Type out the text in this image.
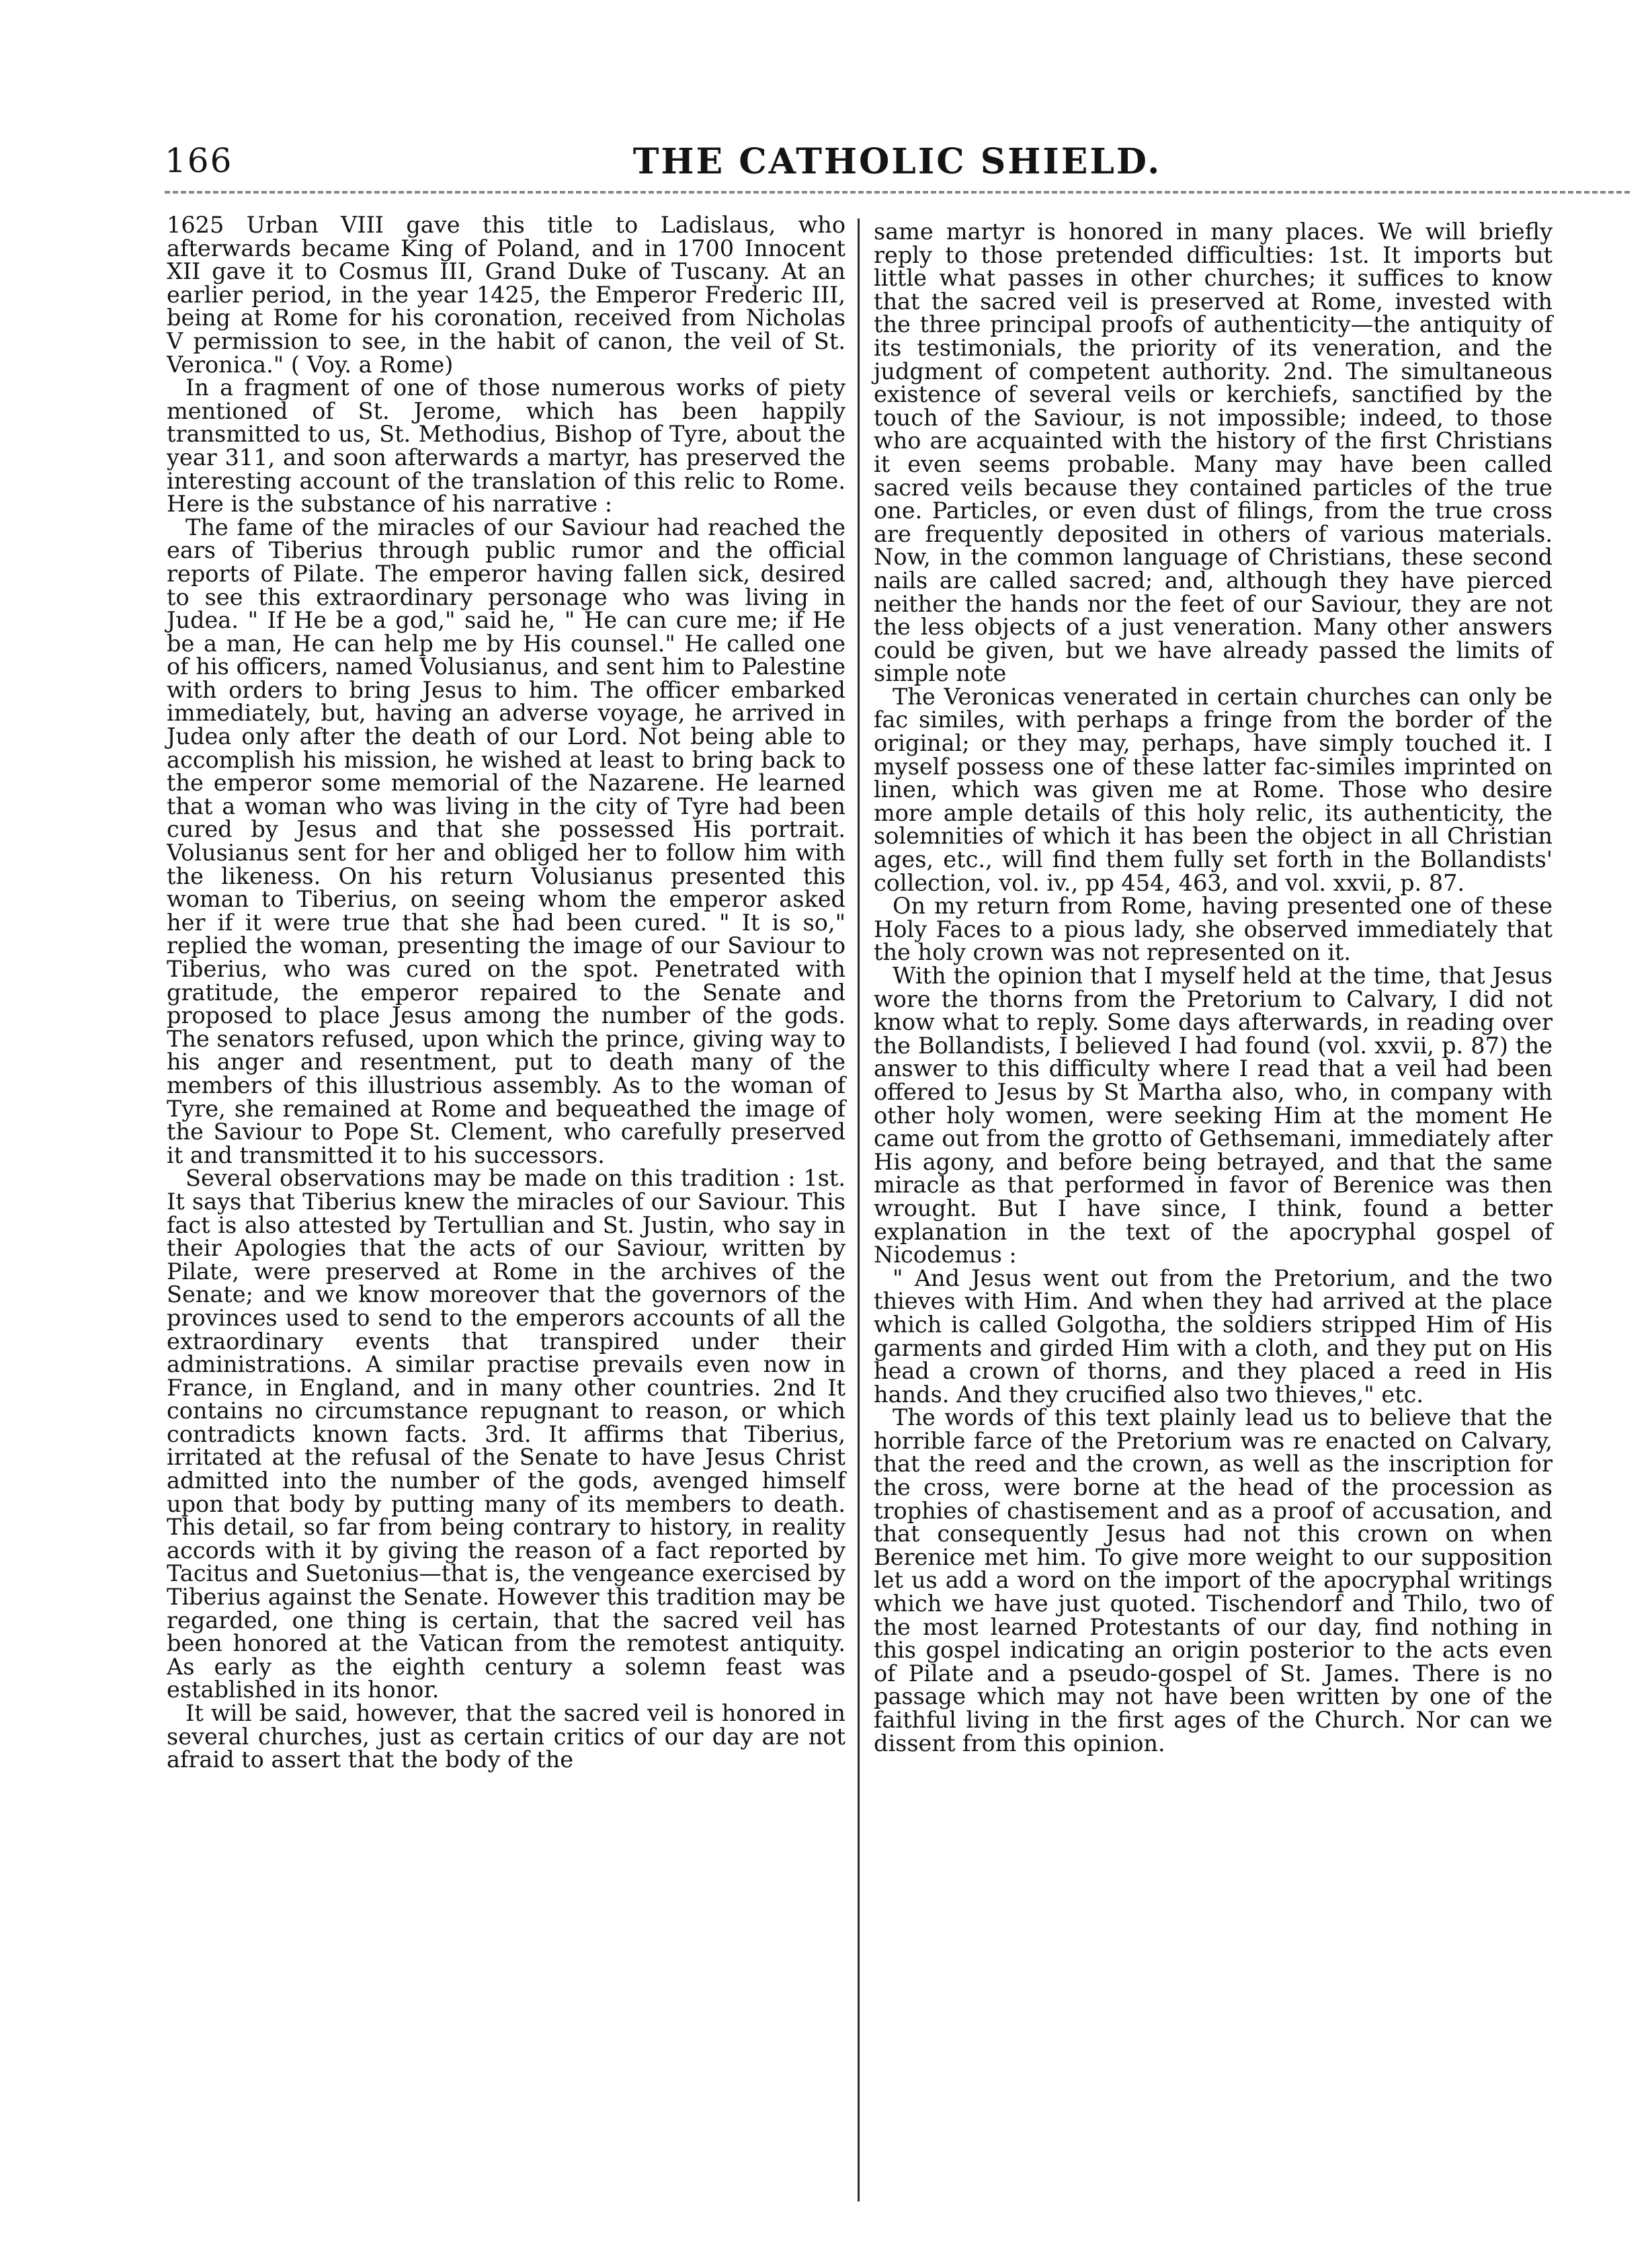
166	THE CATHOLIC SHIELD.

1625 Urban VIII gave this title to Ladislaus, who afterwards became King of Poland, and in 1700 Innocent XII gave it to Cosmus III, Grand Duke of Tuscany. At an earlier period, in the year 1425, the Emperor Frederic III, being at Rome for his coronation, received from Nicholas V permission to see, in the habit of canon, the veil of St. Veronica." ( Voy. a Rome)

In a fragment of one of those numerous works of piety mentioned of St. Jerome, which has been happily transmitted to us, St. Methodius, Bishop of Tyre, about the year 311, and soon afterwards a martyr, has preserved the interesting account of the translation of this relic to Rome. Here is the substance of his narrative :

The fame of the miracles of our Saviour had reached the ears of Tiberius through public rumor and the official reports of Pilate. The emperor having fallen sick, desired to see this extraordinary personage who was living in Judea. " If He be a god," said he, " He can cure me; if He be a man, He can help me by His counsel." He called one of his officers, named Volusianus, and sent him to Palestine with orders to bring Jesus to him. The officer embarked immediately, but, having an adverse voyage, he arrived in Judea only after the death of our Lord. Not being able to accomplish his mission, he wished at least to bring back to the emperor some memorial of the Nazarene. He learned that a woman who was living in the city of Tyre had been cured by Jesus and that she possessed His portrait. Volusianus sent for her and obliged her to follow him with the likeness. On his return Volusianus presented this woman to Tiberius, on seeing whom the emperor asked her if it were true that she had been cured. " It is so," replied the woman, presenting the image of our Saviour to Tiberius, who was cured on the spot. Penetrated with gratitude, the emperor repaired to the Senate and proposed to place Jesus among the number of the gods. The senators refused, upon which the prince, giving way to his anger and resentment, put to death many of the members of this illustrious assembly. As to the woman of Tyre, she remained at Rome and bequeathed the image of the Saviour to Pope St. Clement, who carefully preserved it and transmitted it to his successors.

Several observations may be made on this tradition : 1st. It says that Tiberius knew the miracles of our Saviour. This fact is also attested by Tertullian and St. Justin, who say in their Apologies that the acts of our Saviour, written by Pilate, were preserved at Rome in the archives of the Senate; and we know moreover that the governors of the provinces used to send to the emperors accounts of all the extraordinary events that transpired under their administrations. A similar practise prevails even now in France, in England, and in many other countries. 2nd It contains no circumstance repugnant to reason, or which contradicts known facts. 3rd. It affirms that Tiberius, irritated at the refusal of the Senate to have Jesus Christ admitted into the number of the gods, avenged himself upon that body by putting many of its members to death. This detail, so far from being contrary to history, in reality accords with it by giving the reason of a fact reported by Tacitus and Suetonius—that is, the vengeance exercised by Tiberius against the Senate. However this tradition may be regarded, one thing is certain, that the sacred veil has been honored at the Vatican from the remotest antiquity. As early as the eighth century a solemn feast was established in its honor.

It will be said, however, that the sacred veil is honored in several churches, just as certain critics of our day are not afraid to assert that the body of the

same martyr is honored in many places. We will briefly reply to those pretended difficulties: 1st. It imports but little what passes in other churches; it suffices to know that the sacred veil is preserved at Rome, invested with the three principal proofs of authenticity—the antiquity of its testimonials, the priority of its veneration, and the judgment of competent authority. 2nd. The simultaneous existence of several veils or kerchiefs, sanctified by the touch of the Saviour, is not impossible; indeed, to those who are acquainted with the history of the first Christians it even seems probable. Many may have been called sacred veils because they contained particles of the true one. Particles, or even dust of filings, from the true cross are frequently deposited in others of various materials. Now, in the common language of Christians, these second nails are called sacred; and, although they have pierced neither the hands nor the feet of our Saviour, they are not the less objects of a just veneration. Many other answers could be given, but we have already passed the limits of simple note

The Veronicas venerated in certain churches can only be fac similes, with perhaps a fringe from the border of the original; or they may, perhaps, have simply touched it. I myself possess one of these latter fac-similes imprinted on linen, which was given me at Rome. Those who desire more ample details of this holy relic, its authenticity, the solemnities of which it has been the object in all Christian ages, etc., will find them fully set forth in the Bollandists' collection, vol. iv., pp 454, 463, and vol. xxvii, p. 87.

On my return from Rome, having presented one of these Holy Faces to a pious lady, she observed immediately that the holy crown was not represented on it.

With the opinion that I myself held at the time, that Jesus wore the thorns from the Pretorium to Calvary, I did not know what to reply. Some days afterwards, in reading over the Bollandists, I believed I had found (vol. xxvii, p. 87) the answer to this difficulty where I read that a veil had been offered to Jesus by St Martha also, who, in company with other holy women, were seeking Him at the moment He came out from the grotto of Gethsemani, immediately after His agony, and before being betrayed, and that the same miracle as that performed in favor of Berenice was then wrought. But I have since, I think, found a better explanation in the text of the apocryphal gospel of Nicodemus :

" And Jesus went out from the Pretorium, and the two thieves with Him. And when they had arrived at the place which is called Golgotha, the soldiers stripped Him of His garments and girded Him with a cloth, and they put on His head a crown of thorns, and they placed a reed in His hands. And they crucified also two thieves," etc.

The words of this text plainly lead us to believe that the horrible farce of the Pretorium was re enacted on Calvary, that the reed and the crown, as well as the inscription for the cross, were borne at the head of the procession as trophies of chastisement and as a proof of accusation, and that consequently Jesus had not this crown on when Berenice met him. To give more weight to our supposition let us add a word on the import of the apocryphal writings which we have just quoted. Tischendorf and Thilo, two of the most learned Protestants of our day, find nothing in this gospel indicating an origin posterior to the acts even of Pilate and a pseudo-gospel of St. James. There is no passage which may not have been written by one of the faithful living in the first ages of the Church. Nor can we dissent from this opinion.
